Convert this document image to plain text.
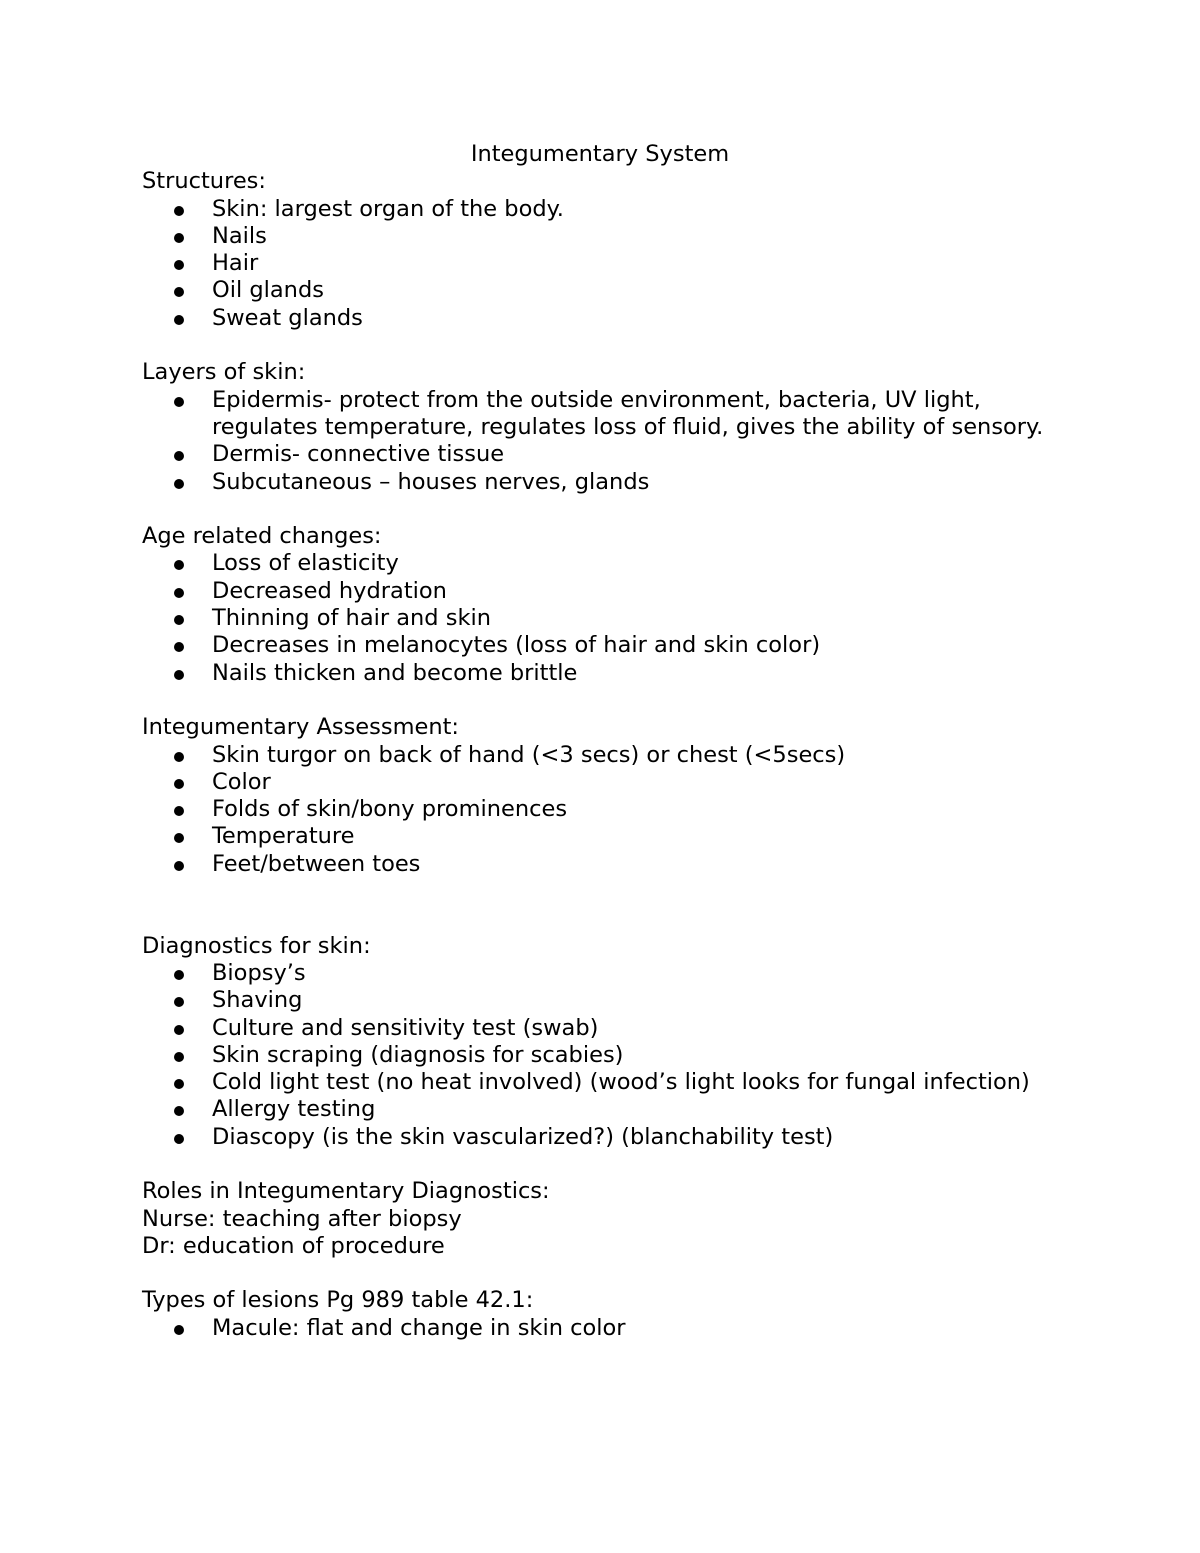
Integumentary System

Structures:

Skin: largest organ of the body.
Nails
Hair
Oil glands
Sweat glands

Layers of skin:

Epidermis- protect from the outside environment, bacteria, UV light, regulates temperature, regulates loss of fluid, gives the ability of sensory.
Dermis- connective tissue
Subcutaneous – houses nerves, glands

Age related changes:

Loss of elasticity
Decreased hydration
Thinning of hair and skin
Decreases in melanocytes (loss of hair and skin color)
Nails thicken and become brittle

Integumentary Assessment:

Skin turgor on back of hand (<3 secs) or chest (<5secs)
Color
Folds of skin/bony prominences
Temperature
Feet/between toes

Diagnostics for skin:

Biopsy’s
Shaving
Culture and sensitivity test (swab)
Skin scraping (diagnosis for scabies)
Cold light test (no heat involved) (wood’s light looks for fungal infection)
Allergy testing
Diascopy (is the skin vascularized?) (blanchability test)

Roles in Integumentary Diagnostics:

Nurse: teaching after biopsy

Dr: education of procedure

Types of lesions Pg 989 table 42.1:

Macule: flat and change in skin color
